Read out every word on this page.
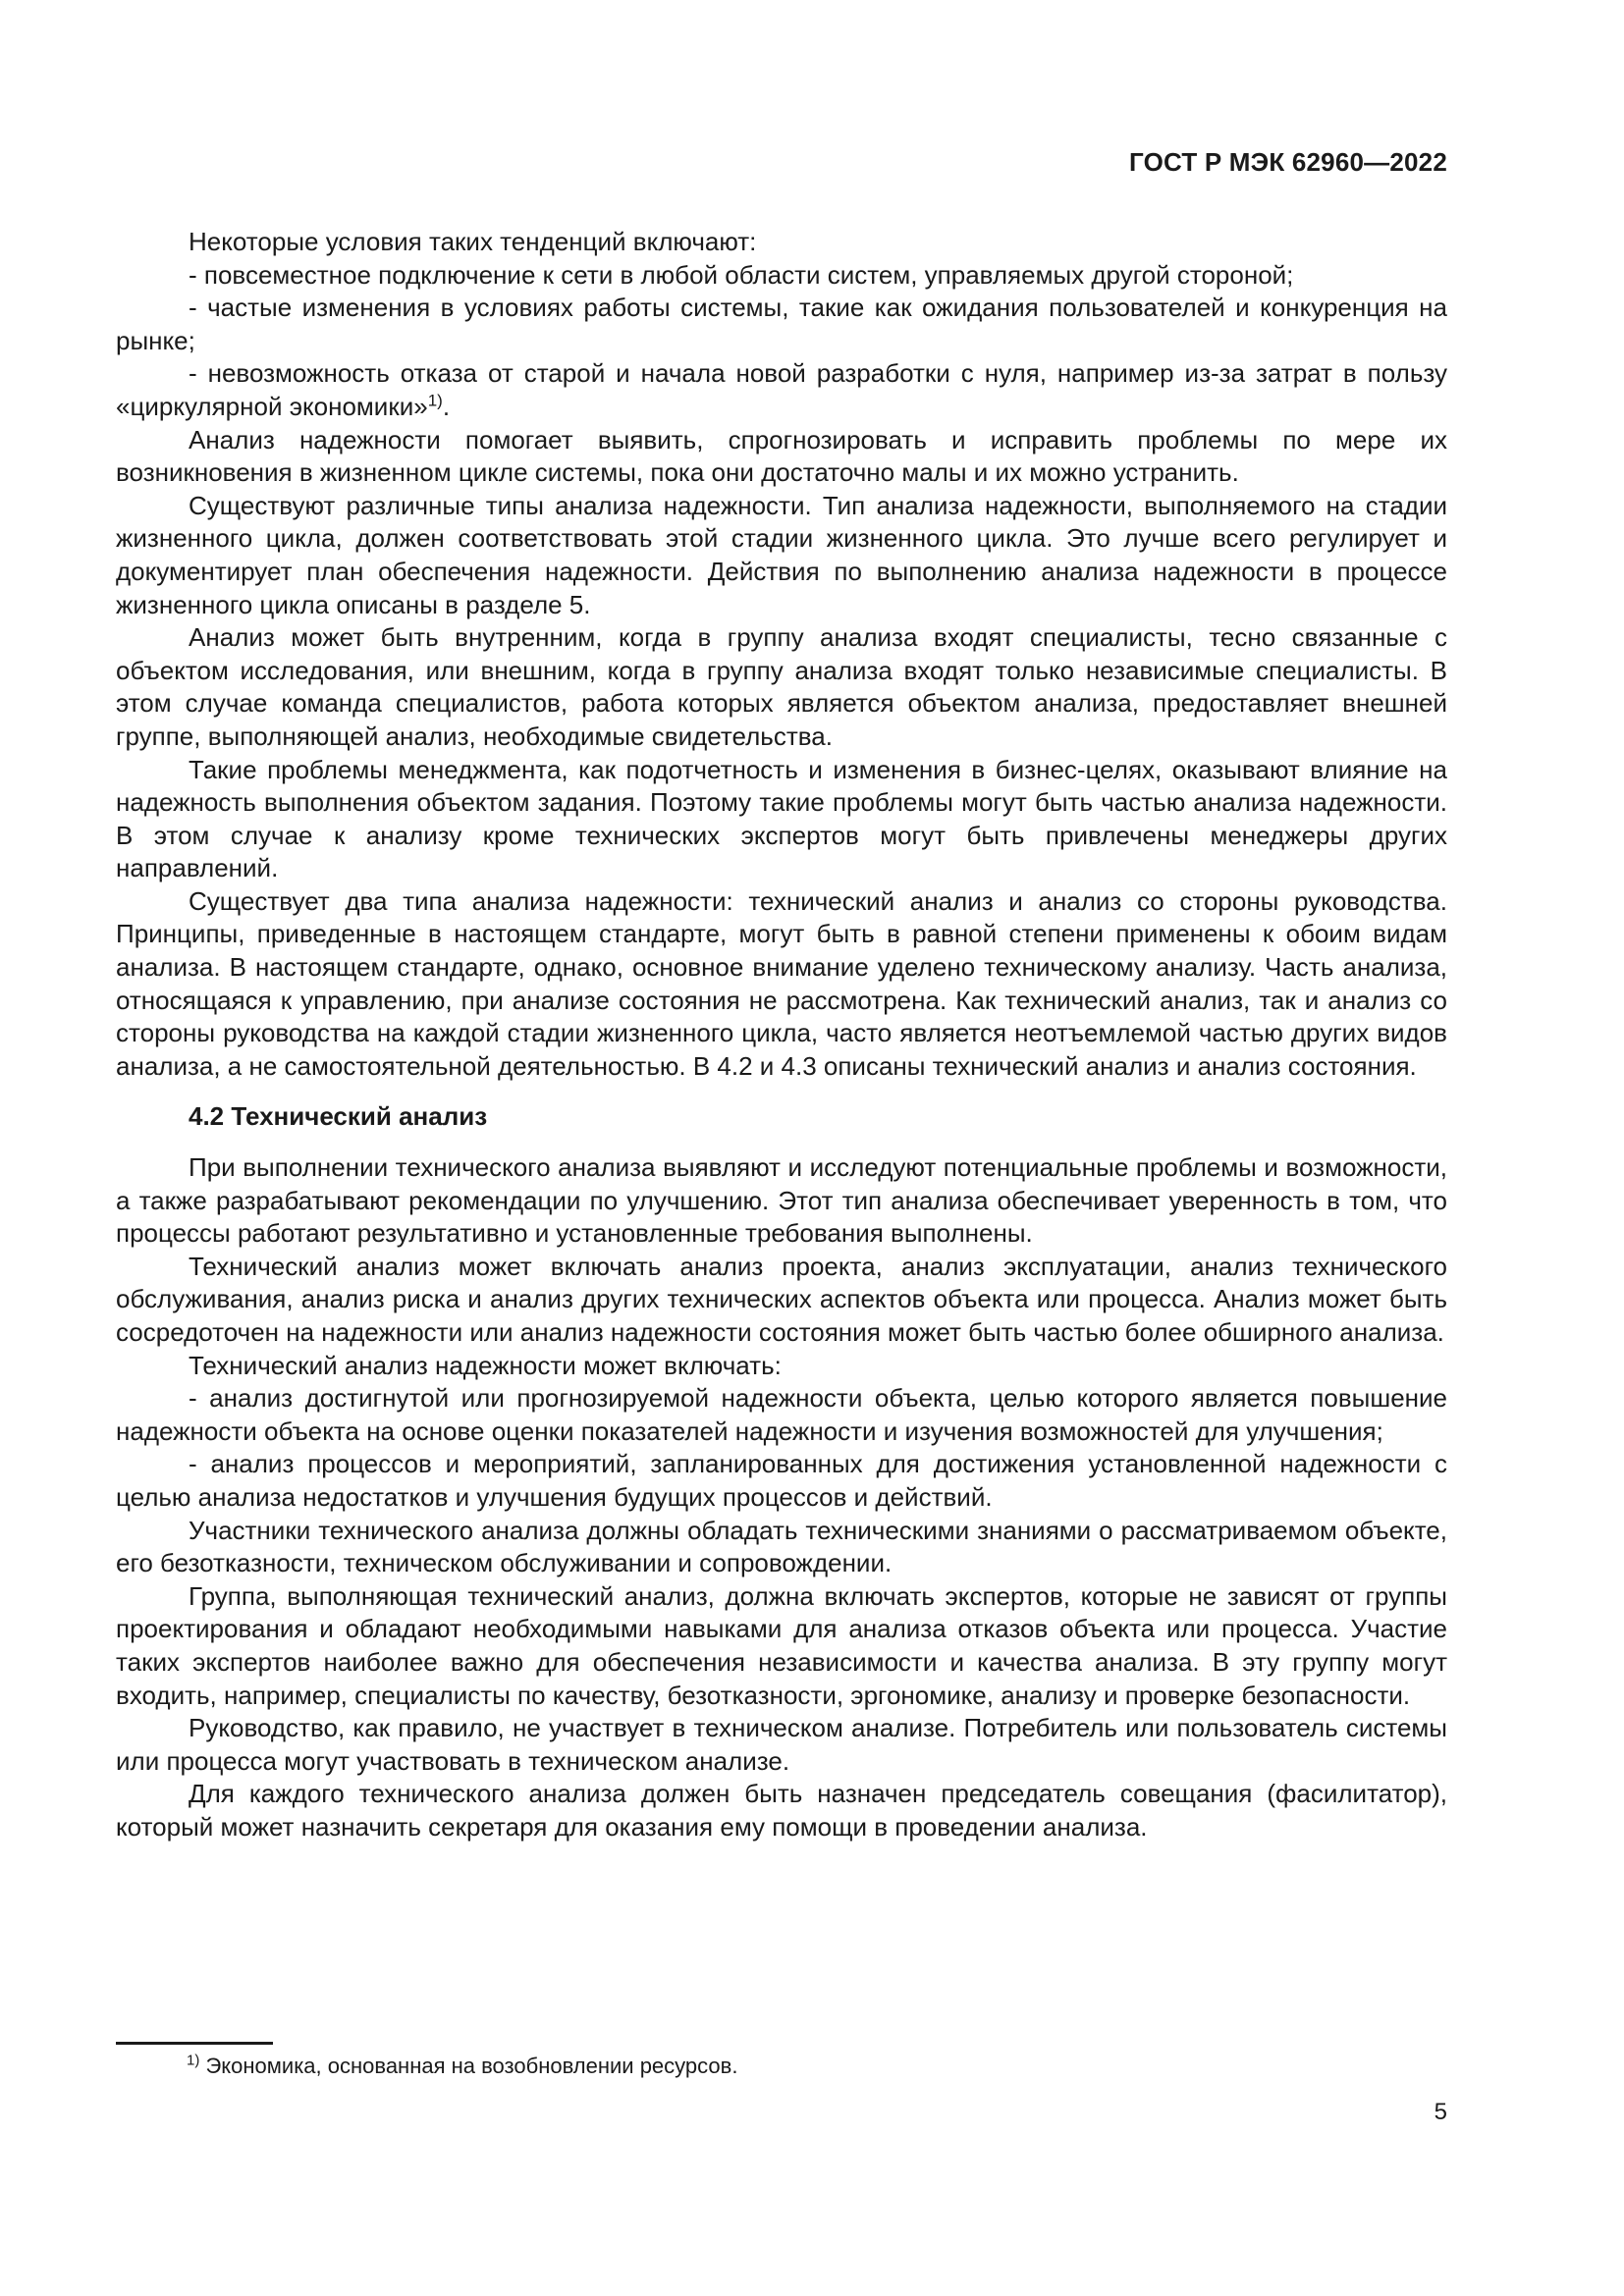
ГОСТ Р МЭК 62960—2022

Некоторые условия таких тенденций включают:

- повсеместное подключение к сети в любой области систем, управляемых другой стороной;

- частые изменения в условиях работы системы, такие как ожидания пользователей и конкуренция на рынке;

- невозможность отказа от старой и начала новой разработки с нуля, например из-за затрат в пользу «циркулярной экономики»$^{1)}$.

Анализ надежности помогает выявить, спрогнозировать и исправить проблемы по мере их возникновения в жизненном цикле системы, пока они достаточно малы и их можно устранить.

Существуют различные типы анализа надежности. Тип анализа надежности, выполняемого на стадии жизненного цикла, должен соответствовать этой стадии жизненного цикла. Это лучше всего регулирует и документирует план обеспечения надежности. Действия по выполнению анализа надежности в процессе жизненного цикла описаны в разделе 5.

Анализ может быть внутренним, когда в группу анализа входят специалисты, тесно связанные с объектом исследования, или внешним, когда в группу анализа входят только независимые специалисты. В этом случае команда специалистов, работа которых является объектом анализа, предоставляет внешней группе, выполняющей анализ, необходимые свидетельства.

Такие проблемы менеджмента, как подотчетность и изменения в бизнес-целях, оказывают влияние на надежность выполнения объектом задания. Поэтому такие проблемы могут быть частью анализа надежности. В этом случае к анализу кроме технических экспертов могут быть привлечены менеджеры других направлений.

Существует два типа анализа надежности: технический анализ и анализ со стороны руководства. Принципы, приведенные в настоящем стандарте, могут быть в равной степени применены к обоим видам анализа. В настоящем стандарте, однако, основное внимание уделено техническому анализу. Часть анализа, относящаяся к управлению, при анализе состояния не рассмотрена. Как технический анализ, так и анализ со стороны руководства на каждой стадии жизненного цикла, часто является неотъемлемой частью других видов анализа, а не самостоятельной деятельностью. В 4.2 и 4.3 описаны технический анализ и анализ состояния.

4.2 Технический анализ

При выполнении технического анализа выявляют и исследуют потенциальные проблемы и возможности, а также разрабатывают рекомендации по улучшению. Этот тип анализа обеспечивает уверенность в том, что процессы работают результативно и установленные требования выполнены.

Технический анализ может включать анализ проекта, анализ эксплуатации, анализ технического обслуживания, анализ риска и анализ других технических аспектов объекта или процесса. Анализ может быть сосредоточен на надежности или анализ надежности состояния может быть частью более обширного анализа.

Технический анализ надежности может включать:

- анализ достигнутой или прогнозируемой надежности объекта, целью которого является повышение надежности объекта на основе оценки показателей надежности и изучения возможностей для улучшения;

- анализ процессов и мероприятий, запланированных для достижения установленной надежности с целью анализа недостатков и улучшения будущих процессов и действий.

Участники технического анализа должны обладать техническими знаниями о рассматриваемом объекте, его безотказности, техническом обслуживании и сопровождении.

Группа, выполняющая технический анализ, должна включать экспертов, которые не зависят от группы проектирования и обладают необходимыми навыками для анализа отказов объекта или процесса. Участие таких экспертов наиболее важно для обеспечения независимости и качества анализа. В эту группу могут входить, например, специалисты по качеству, безотказности, эргономике, анализу и проверке безопасности.

Руководство, как правило, не участвует в техническом анализе. Потребитель или пользователь системы или процесса могут участвовать в техническом анализе.

Для каждого технического анализа должен быть назначен председатель совещания (фасилитатор), который может назначить секретаря для оказания ему помощи в проведении анализа.

$^{1)}$ Экономика, основанная на возобновлении ресурсов.
5
